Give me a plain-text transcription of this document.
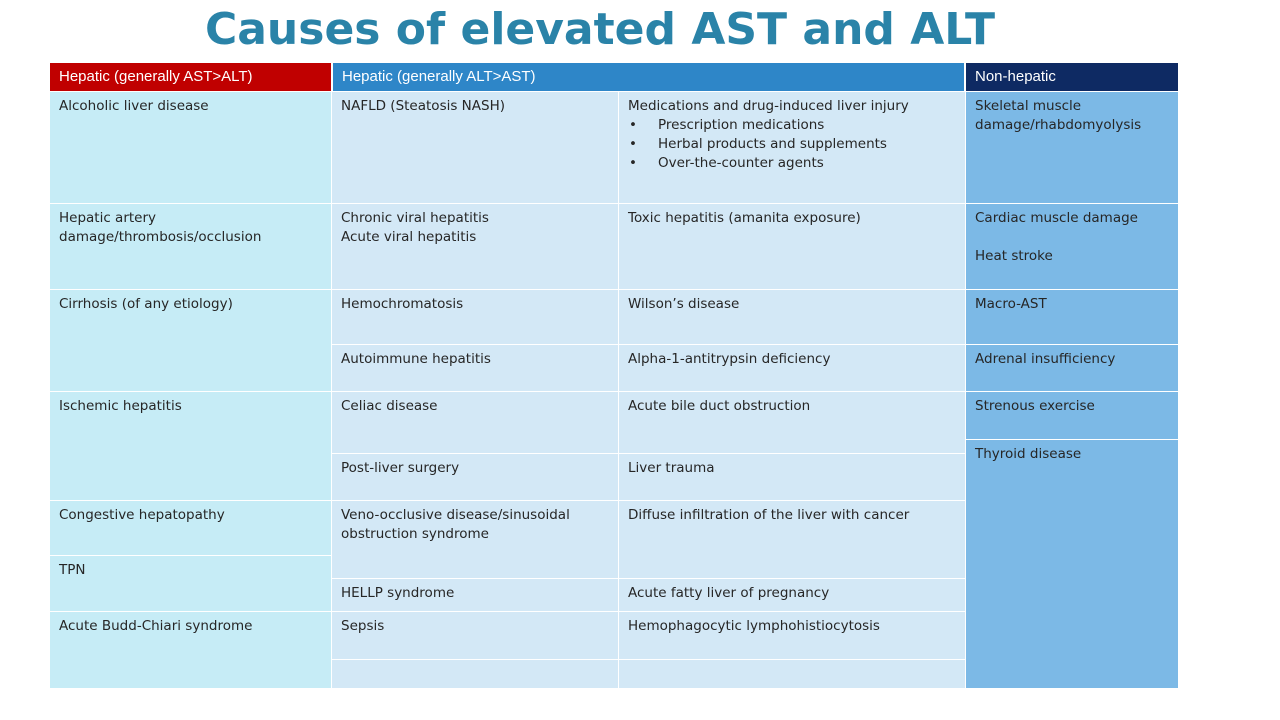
Causes of elevated AST and ALT
Hepatic (generally AST>ALT)	Hepatic (generally ALT>AST)	Non-hepatic
Alcoholic liver disease
Hepatic artery damage/thrombosis/occlusion
Cirrhosis (of any etiology)
Ischemic hepatitis
Congestive hepatopathy
TPN
Acute Budd-Chiari syndrome
NAFLD (Steatosis NASH)
Chronic viral hepatitis
Acute viral hepatitis
Hemochromatosis
Autoimmune hepatitis
Celiac disease
Post-liver surgery
Veno-occlusive disease/sinusoidal obstruction syndrome
HELLP syndrome
Sepsis
Medications and drug-induced liver injury
• Prescription medications
• Herbal products and supplements
• Over-the-counter agents
Toxic hepatitis (amanita exposure)
Wilson’s disease
Alpha-1-antitrypsin deficiency
Acute bile duct obstruction
Liver trauma
Diffuse infiltration of the liver with cancer
Acute fatty liver of pregnancy
Hemophagocytic lymphohistiocytosis
Skeletal muscle damage/rhabdomyolysis
Cardiac muscle damage
Heat stroke
Macro-AST
Adrenal insufficiency
Strenous exercise
Thyroid disease
